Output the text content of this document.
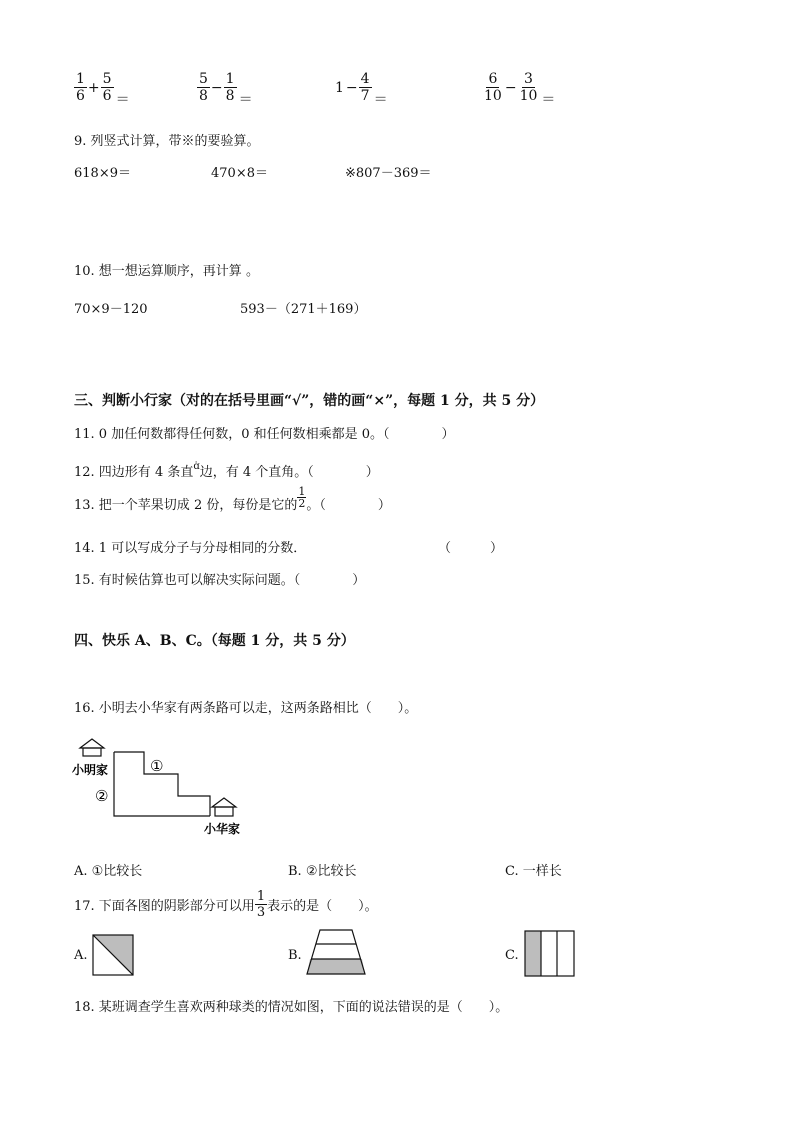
$\frac{1}{6} + \frac{5}{6}$ ＝	$\frac{5}{8} - \frac{1}{8}$ ＝
$1 - \frac{4}{7}$ ＝	$\frac{6}{10} - \frac{3}{10}$ ＝
9. 列竖式计算，带※的要验算。
618×9＝	470×8＝	※807－369＝
10. 想一想运算顺序，再计算 。
70×9－120	593－（271＋169）
三、判断小行家（对的在括号里画“√”，错的画“×”，每题 1 分，共 5 分）
11. 0 加任何数都得任何数，0 和任何数相乘都是 0。（　　　　）
12. 四边形有 4 条直$^{ɑ̇}$边，有 4 个直角。（　　　　）
13. 把一个苹果切成 2 份，每份是它的 $\frac{1}{2}$ 。（　　　　）
14. 1 可以写成分子与分母相同的分数．	（　　　）
15. 有时候估算也可以解决实际问题。（　　　　）
四、快乐 A、B、C。（每题 1 分，共 5 分）
16. 小明去小华家有两条路可以走，这两条路相比（　　）。
小明家	①
②
小华家
A. ①比较长	B. ②比较长	C. 一样长
17. 下面各图的阴影部分可以用 $\frac{1}{3}$ 表示的是（　　）。
A.	B.	C.
18. 某班调查学生喜欢两种球类的情况如图，下面的说法错误的是（　　）。
